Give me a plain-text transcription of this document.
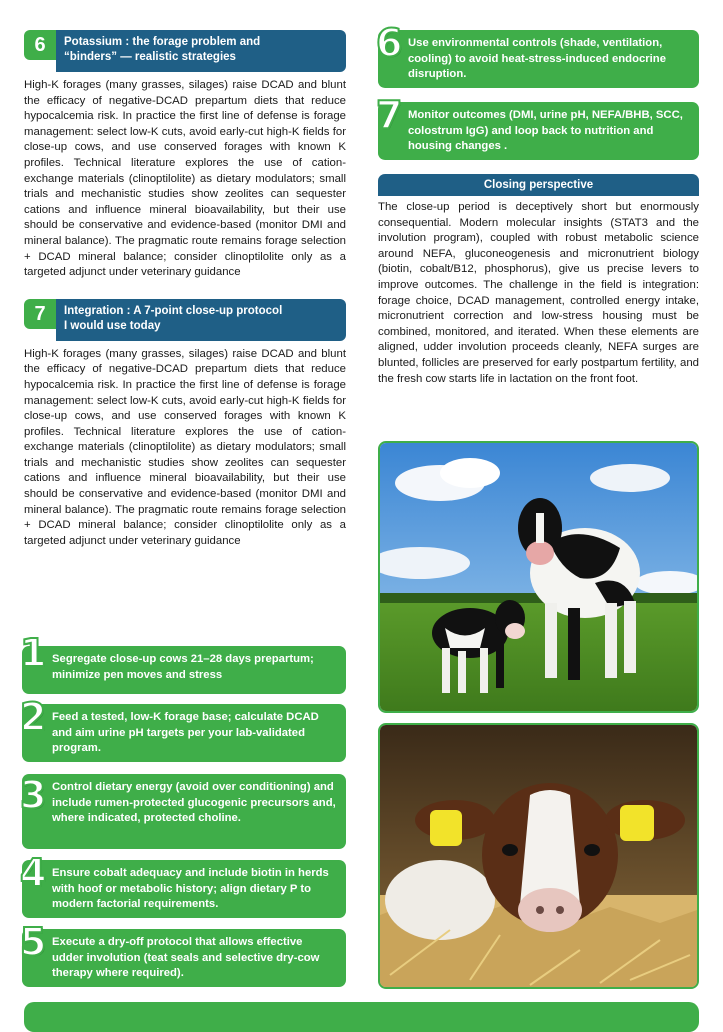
6	Potassium : the forage problem and
“binders” — realistic strategies

High-K forages (many grasses, silages) raise DCAD and blunt the efficacy of negative-DCAD prepartum diets that reduce hypocalcemia risk. In practice the first line of defense is forage management: select low-K cuts, avoid early-cut high-K fields for close-up cows, and use conserved forages with known K profiles. Technical literature explores the use of cation-exchange materials (clinoptilolite) as dietary modulators; small trials and mechanistic studies show zeolites can sequester cations and influence mineral bioavailability, but their use should be conservative and evidence-based (monitor DMI and mineral balance). The pragmatic route remains forage selection + DCAD mineral balance; consider clinoptilolite only as a targeted adjunct under veterinary guidance

7	Integration : A 7-point close-up protocol
I would use today

High-K forages (many grasses, silages) raise DCAD and blunt the efficacy of negative-DCAD prepartum diets that reduce hypocalcemia risk. In practice the first line of defense is forage management: select low-K cuts, avoid early-cut high-K fields for close-up cows, and use conserved forages with known K profiles. Technical literature explores the use of cation-exchange materials (clinoptilolite) as dietary modulators; small trials and mechanistic studies show zeolites can sequester cations and influence mineral bioavailability, but their use should be conservative and evidence-based (monitor DMI and mineral balance). The pragmatic route remains forage selection + DCAD mineral balance; consider clinoptilolite only as a targeted adjunct under veterinary guidance

1 Segregate close-up cows 21–28 days prepartum; minimize pen moves and stress
2 Feed a tested, low-K forage base; calculate DCAD and aim urine pH targets per your lab-validated program.
3 Control dietary energy (avoid over conditioning) and include rumen-protected glucogenic precursors and, where indicated, protected choline.
4 Ensure cobalt adequacy and include biotin in herds with hoof or metabolic history; align dietary P to modern factorial requirements.
5 Execute a dry-off protocol that allows effective udder involution (teat seals and selective dry-cow therapy where required).
6 Use environmental controls (shade, ventilation, cooling) to avoid heat-stress-induced endocrine disruption.
7 Monitor outcomes (DMI, urine pH, NEFA/BHB, SCC, colostrum IgG) and loop back to nutrition and housing changes .
Closing perspective

The close-up period is deceptively short but enormously consequential. Modern molecular insights (STAT3 and the involution program), coupled with robust metabolic science around NEFA, gluconeogenesis and micronutrient biology (biotin, cobalt/B12, phosphorus), give us precise levers to improve outcomes. The challenge in the field is integration: forage choice, DCAD management, controlled energy intake, micronutrient correction and low-stress housing must be combined, monitored, and iterated. When these elements are aligned, udder involution proceeds cleanly, NEFA surges are blunted, follicles are preserved for early postpartum fertility, and the fresh cow starts life in lactation on the front foot.
